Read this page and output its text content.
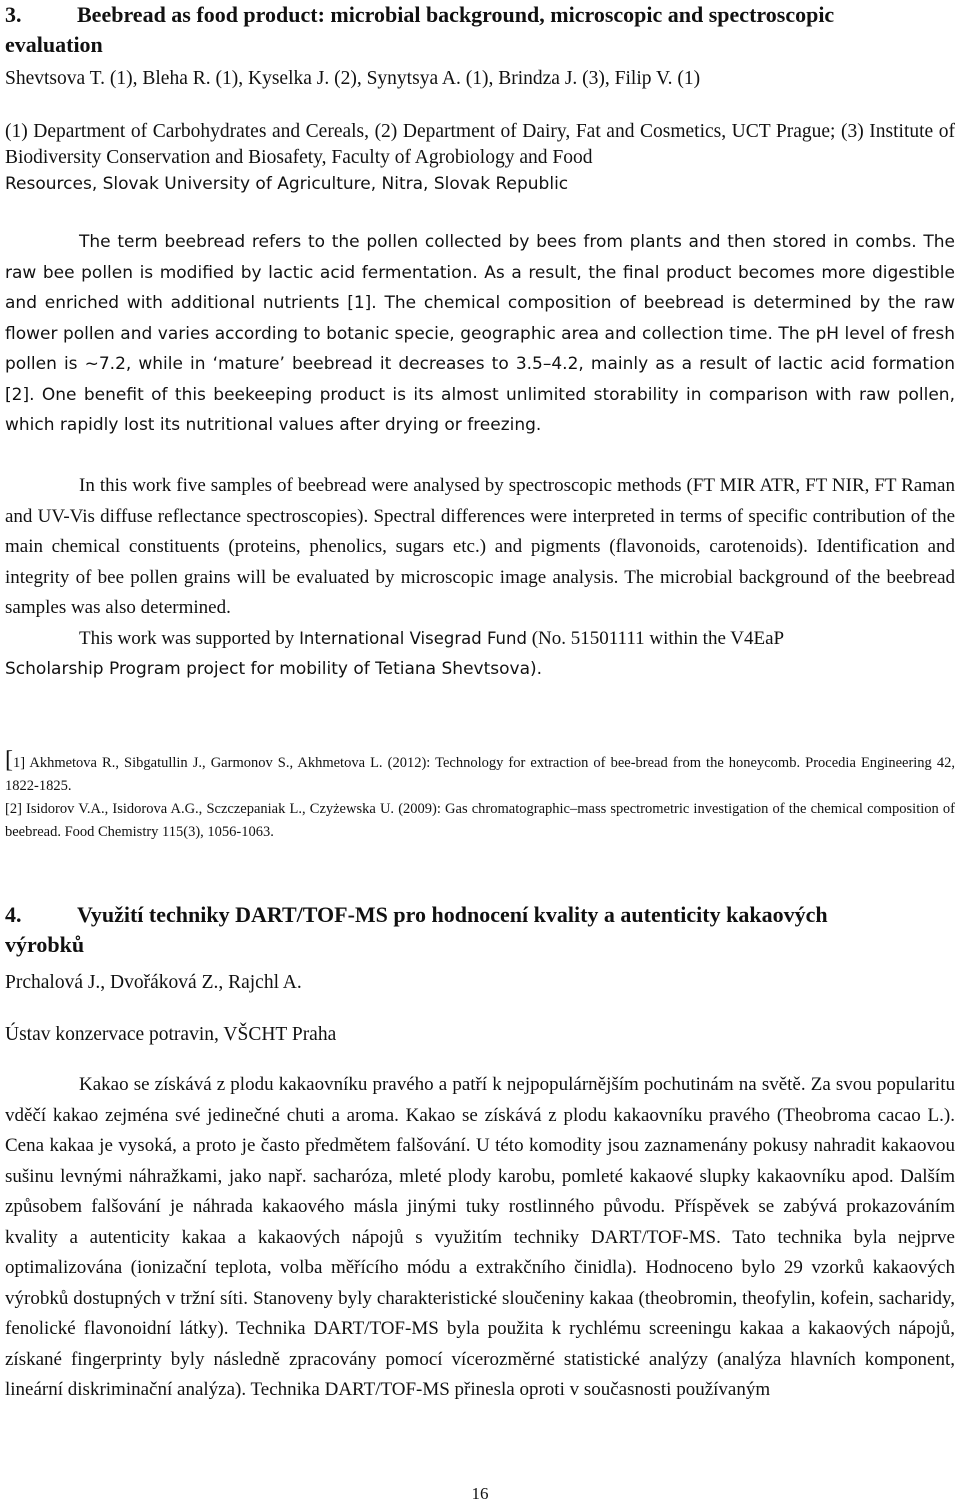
3.	Beebread as food product: microbial background, microscopic and spectroscopic

evaluation

Shevtsova T. (1), Bleha R. (1), Kyselka J. (2), Synytsya A. (1), Brindza J. (3), Filip V. (1)

(1) Department of Carbohydrates and Cereals, (2) Department of Dairy, Fat and Cosmetics, UCT Prague; (3) Institute of Biodiversity Conservation and Biosafety, Faculty of Agrobiology and Food

Resources, Slovak University of Agriculture, Nitra, Slovak Republic

The term beebread refers to the pollen collected by bees from plants and then stored in combs. The raw bee pollen is modified by lactic acid fermentation. As a result, the final product becomes more digestible and enriched with additional nutrients [1]. The chemical composition of beebread is determined by the raw flower pollen and varies according to botanic specie, geographic area and collection time. The pH level of fresh pollen is ~7.2, while in ‘mature’ beebread it decreases to 3.5–4.2, mainly as a result of lactic acid formation [2]. One benefit of this beekeeping product is its almost unlimited storability in comparison with raw pollen, which rapidly lost its nutritional values after drying or freezing.

In this work five samples of beebread were analysed by spectroscopic methods (FT MIR ATR, FT NIR, FT Raman and UV-Vis diffuse reflectance spectroscopies). Spectral differences were interpreted in terms of specific contribution of the main chemical constituents (proteins, phenolics, sugars etc.) and pigments (flavonoids, carotenoids). Identification and integrity of bee pollen grains will be evaluated by microscopic image analysis. The microbial background of the beebread samples was also determined.

This work was supported by International Visegrad Fund (No. 51501111 within the V4EaP

Scholarship Program project for mobility of Tetiana Shevtsova).

[1] Akhmetova R., Sibgatullin J., Garmonov S., Akhmetova L. (2012): Technology for extraction of bee-bread from the honeycomb. Procedia Engineering 42, 1822-1825.

[2] Isidorov V.A., Isidorova A.G., Sczczepaniak L., Czyżewska U. (2009): Gas chromatographic–mass spectrometric investigation of the chemical composition of beebread. Food Chemistry 115(3), 1056-1063.

4.	Využití techniky DART/TOF-MS pro hodnocení kvality a autenticity kakaových

výrobků

Prchalová J., Dvořáková Z., Rajchl A.

Ústav konzervace potravin, VŠCHT Praha

Kakao se získává z plodu kakaovníku pravého a patří k nejpopulárnějším pochutinám na světě. Za svou popularitu vděčí kakao zejména své jedinečné chuti a aroma. Kakao se získává z plodu kakaovníku pravého (Theobroma cacao L.). Cena kakaa je vysoká, a proto je často předmětem falšování. U této komodity jsou zaznamenány pokusy nahradit kakaovou sušinu levnými náhražkami, jako např. sacharóza, mleté plody karobu, pomleté kakaové slupky kakaovníku apod. Dalším způsobem falšování je náhrada kakaového másla jinými tuky rostlinného původu. Příspěvek se zabývá prokazováním kvality a autenticity kakaa a kakaových nápojů s využitím techniky DART/TOF-MS. Tato technika byla nejprve optimalizována (ionizační teplota, volba měřícího módu a extrakčního činidla). Hodnoceno bylo 29 vzorků kakaových výrobků dostupných v tržní síti. Stanoveny byly charakteristické sloučeniny kakaa (theobromin, theofylin, kofein, sacharidy, fenolické flavonoidní látky). Technika DART/TOF-MS byla použita k rychlému screeningu kakaa a kakaových nápojů, získané fingerprinty byly následně zpracovány pomocí vícerozměrné statistické analýzy (analýza hlavních komponent, lineární diskriminační analýza). Technika DART/TOF-MS přinesla oproti v současnosti používaným

16
